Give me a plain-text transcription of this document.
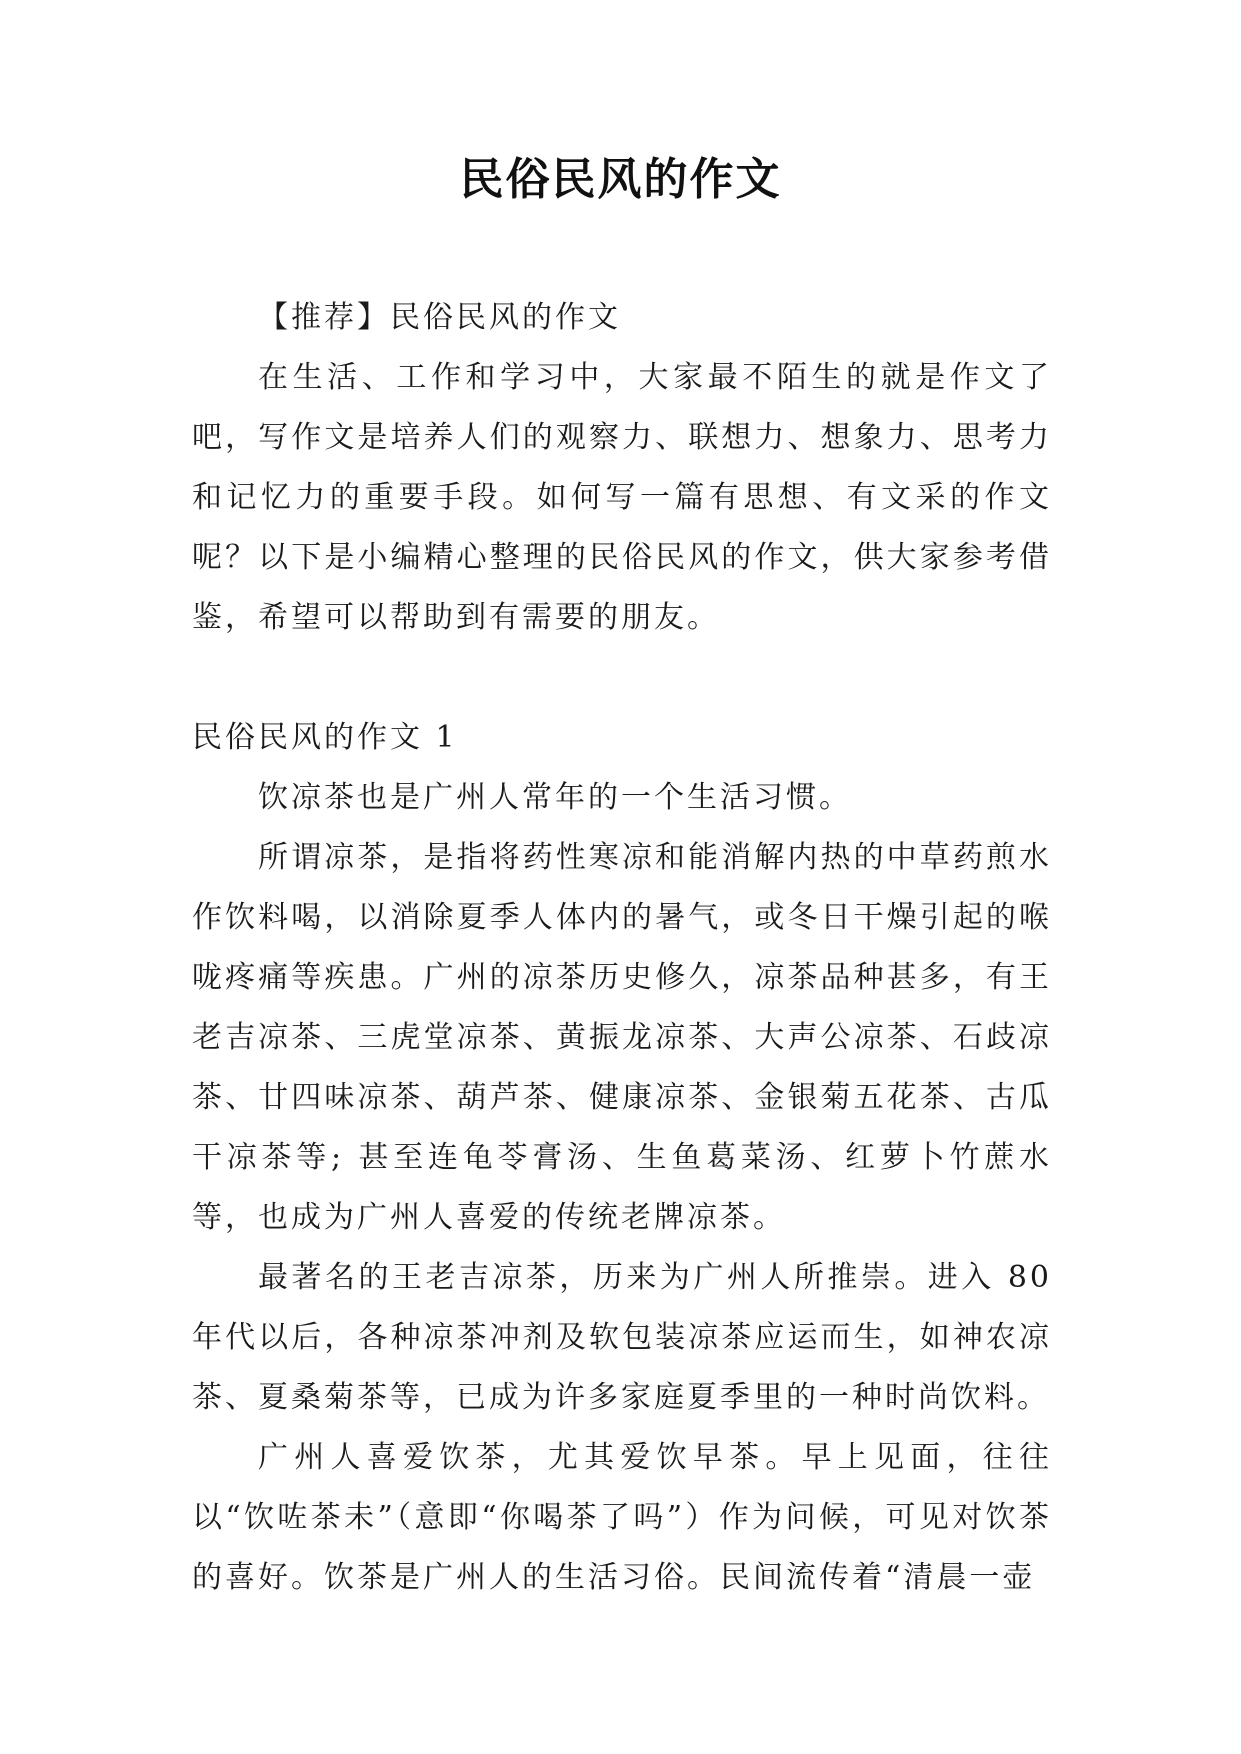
民俗民风的作文

【推荐】民俗民风的作文

在生活、工作和学习中，大家最不陌生的就是作文了吧，写作文是培养人们的观察力、联想力、想象力、思考力和记忆力的重要手段。如何写一篇有思想、有文采的作文呢？以下是小编精心整理的民俗民风的作文，供大家参考借鉴，希望可以帮助到有需要的朋友。

民俗民风的作文 1

饮凉茶也是广州人常年的一个生活习惯。

所谓凉茶，是指将药性寒凉和能消解内热的中草药煎水作饮料喝，以消除夏季人体内的暑气，或冬日干燥引起的喉咙疼痛等疾患。广州的凉茶历史修久，凉茶品种甚多，有王老吉凉茶、三虎堂凉茶、黄振龙凉茶、大声公凉茶、石歧凉茶、廿四味凉茶、葫芦茶、健康凉茶、金银菊五花茶、古瓜干凉茶等; 甚至连龟苓膏汤、生鱼葛菜汤、红萝卜竹蔗水等，也成为广州人喜爱的传统老牌凉茶。

最著名的王老吉凉茶，历来为广州人所推崇。进入 80 年代以后，各种凉茶冲剂及软包装凉茶应运而生，如神农凉茶、夏桑菊茶等，已成为许多家庭夏季里的一种时尚饮料。

广州人喜爱饮茶，尤其爱饮早茶。早上见面，往往以“饮咗茶未”（意即“你喝茶了吗”）作为问候，可见对饮茶的喜好。饮茶是广州人的生活习俗。民间流传着“清晨一壶
